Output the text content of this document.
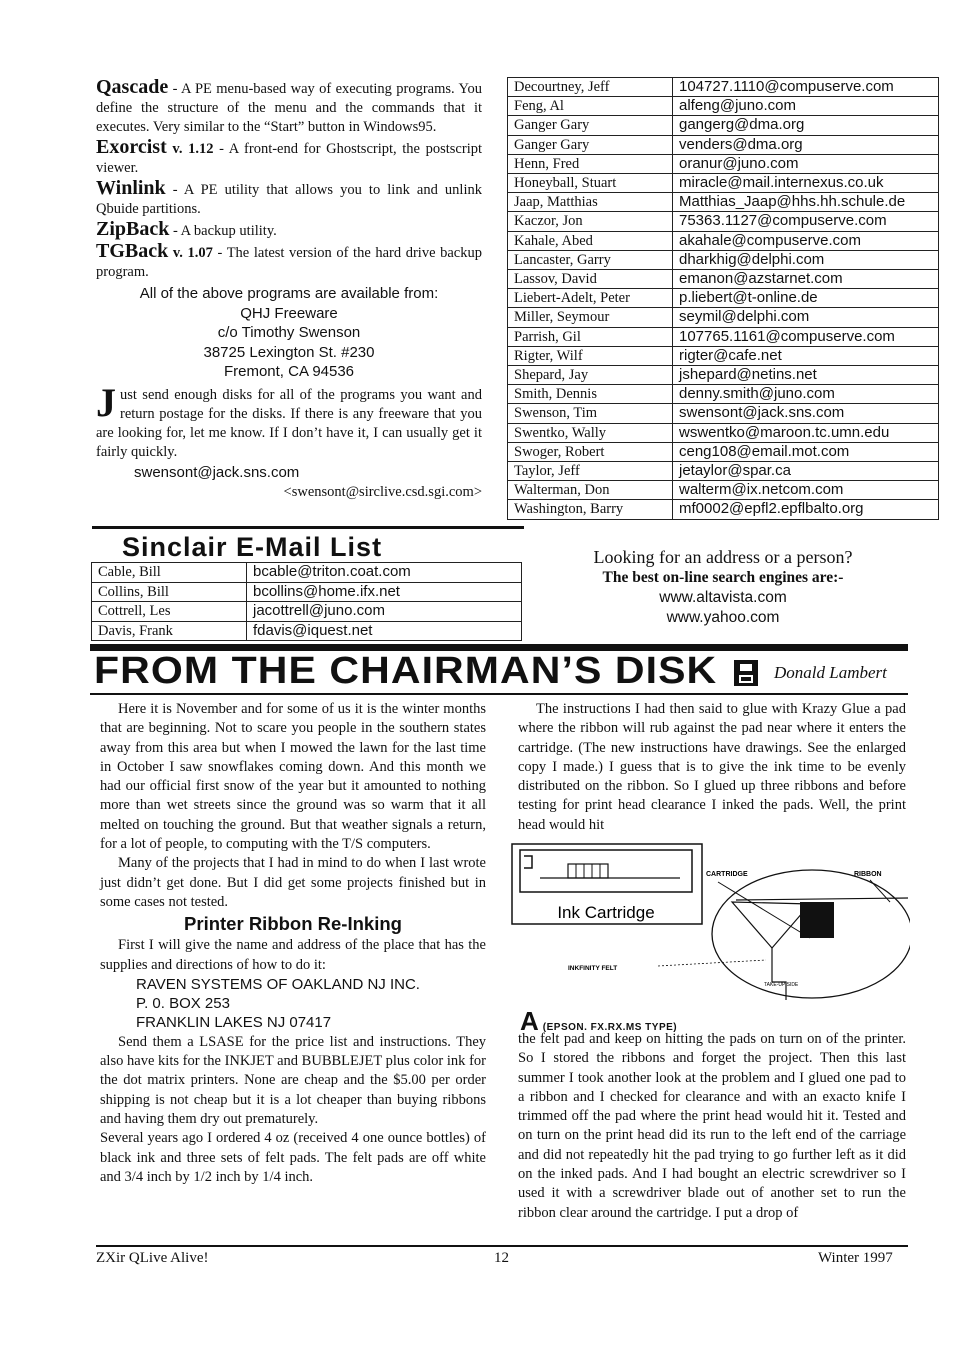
Qascade - A PE menu-based way of executing programs. You define the structure of the menu and the commands that it executes. Very similar to the “Start” button in Windows95.
Exorcist v. 1.12 - A front-end for Ghostscript, the postscript viewer.
Winlink - A PE utility that allows you to link and unlink Qbuide partitions.
ZipBack - A backup utility.
TGBack v. 1.07 - The latest version of the hard drive backup program.
All of the above programs are available from:
QHJ Freeware
c/o Timothy Swenson
38725 Lexington St. #230
Fremont, CA 94536
Just send enough disks for all of the programs you want and return postage for the disks. If there is any freeware that you are looking for, let me know. If I don’t have it, I can usually get it fairly quickly.
swensont@jack.sns.com
<swensont@sirclive.csd.sgi.com>
Decourtney, Jeff	104727.1110@compuserve.com
Feng, Al	alfeng@juno.com
Ganger Gary	gangerg@dma.org
Ganger Gary	venders@dma.org
Henn, Fred	oranur@juno.com
Honeyball, Stuart	miracle@mail.internexus.co.uk
Jaap, Matthias	Matthias_Jaap@hhs.hh.schule.de
Kaczor, Jon	75363.1127@compuserve.com
Kahale, Abed	akahale@compuserve.com
Lancaster, Garry	dharkhig@delphi.com
Lassov, David	emanon@azstarnet.com
Liebert-Adelt, Peter	p.liebert@t-online.de
Miller, Seymour	seymil@delphi.com
Parrish, Gil	107765.1161@compuserve.com
Rigter, Wilf	rigter@cafe.net
Shepard, Jay	jshepard@netins.net
Smith, Dennis	denny.smith@juno.com
Swenson, Tim	swensont@jack.sns.com
Swentko, Wally	wswentko@maroon.tc.umn.edu
Swoger, Robert	ceng108@email.mot.com
Taylor, Jeff	jetaylor@spar.ca
Walterman, Don	walterm@ix.netcom.com
Washington, Barry	mf0002@epfl2.epflbalto.org
Sinclair E-Mail List
Cable, Bill	bcable@triton.coat.com
Collins, Bill	bcollins@home.ifx.net
Cottrell, Les	jacottrell@juno.com
Davis, Frank	fdavis@iquest.net
Looking for an address or a person?
The best on-line search engines are:-
www.altavista.com
www.yahoo.com
FROM THE CHAIRMAN’S DISK	Donald Lambert

Here it is November and for some of us it is the winter months that are beginning. Not to scare you people in the southern states away from this area but when I mowed the lawn for the last time in October I saw snowflakes coming down. And this month we had our official first snow of the year but it amounted to nothing more than wet streets since the ground was so warm that it all melted on touching the ground. But that weather signals a return, for a lot of people, to computing with the T/S computers.

Many of the projects that I had in mind to do when I last wrote just didn’t get done. But I did get some projects finished but in some cases not tested.

Printer Ribbon Re-Inking

First I will give the name and address of the place that has the supplies and directions of how to do it:

RAVEN SYSTEMS OF OAKLAND NJ INC.
P. 0. BOX 253
FRANKLIN LAKES NJ 07417

Send them a LSASE for the price list and instructions. They also have kits for the INKJET and BUBBLEJET plus color ink for the dot matrix printers. None are cheap and the $5.00 per order shipping is not cheap but it is a lot cheaper than buying ribbons and having them dry out prematurely.

Several years ago I ordered 4 oz (received 4 one ounce bottles) of black ink and three sets of felt pads. The felt pads are off white and 3/4 inch by 1/2 inch by 1/4 inch.

The instructions I had then said to glue with Krazy Glue a pad where the ribbon will rub against the pad near where it enters the cartridge. (The new instructions have drawings. See the enlarged copy I made.) I guess that is to give the ink time to be evenly distributed on the ribbon. So I glued up three ribbons and before testing for print head clearance I inked the pads. Well, the print head would hit

Ink Cartridge
CARTRIDGE	RIBBON
INKFINITY FELT
TAKE-UP SIDE
A (EPSON. FX.RX.MS TYPE)

the felt pad and keep on hitting the pads on turn on of the printer. So I stored the ribbons and forget the project. Then this last summer I took another look at the problem and I glued one pad to a ribbon and I checked for clearance and with an exacto knife I trimmed off the pad where the print head would hit it. Tested and on turn on the print head did its run to the left end of the carriage and did not repeatedly hit the pad trying to go further left as it did on the inked pads. And I had bought an electric screwdriver so I used it with a screwdriver blade out of another set to run the ribbon clear around the cartridge. I put a drop of

ZXir QLive Alive!	12	Winter 1997
